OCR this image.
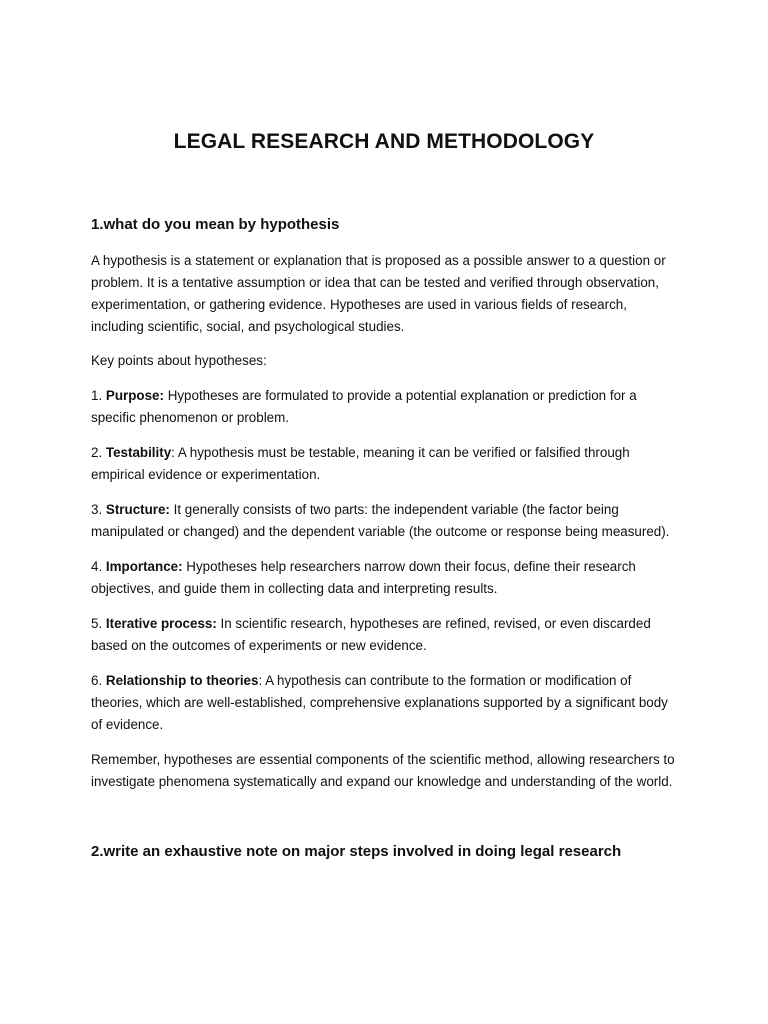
LEGAL RESEARCH AND METHODOLOGY

1.what do you mean by hypothesis

A hypothesis is a statement or explanation that is proposed as a possible answer to a question or problem. It is a tentative assumption or idea that can be tested and verified through observation, experimentation, or gathering evidence. Hypotheses are used in various fields of research, including scientific, social, and psychological studies.

Key points about hypotheses:

1. Purpose: Hypotheses are formulated to provide a potential explanation or prediction for a specific phenomenon or problem.

2. Testability: A hypothesis must be testable, meaning it can be verified or falsified through empirical evidence or experimentation.

3. Structure: It generally consists of two parts: the independent variable (the factor being manipulated or changed) and the dependent variable (the outcome or response being measured).

4. Importance: Hypotheses help researchers narrow down their focus, define their research objectives, and guide them in collecting data and interpreting results.

5. Iterative process: In scientific research, hypotheses are refined, revised, or even discarded based on the outcomes of experiments or new evidence.

6. Relationship to theories: A hypothesis can contribute to the formation or modification of theories, which are well-established, comprehensive explanations supported by a significant body of evidence.

Remember, hypotheses are essential components of the scientific method, allowing researchers to investigate phenomena systematically and expand our knowledge and understanding of the world.

2.write an exhaustive note on major steps involved in doing legal research
